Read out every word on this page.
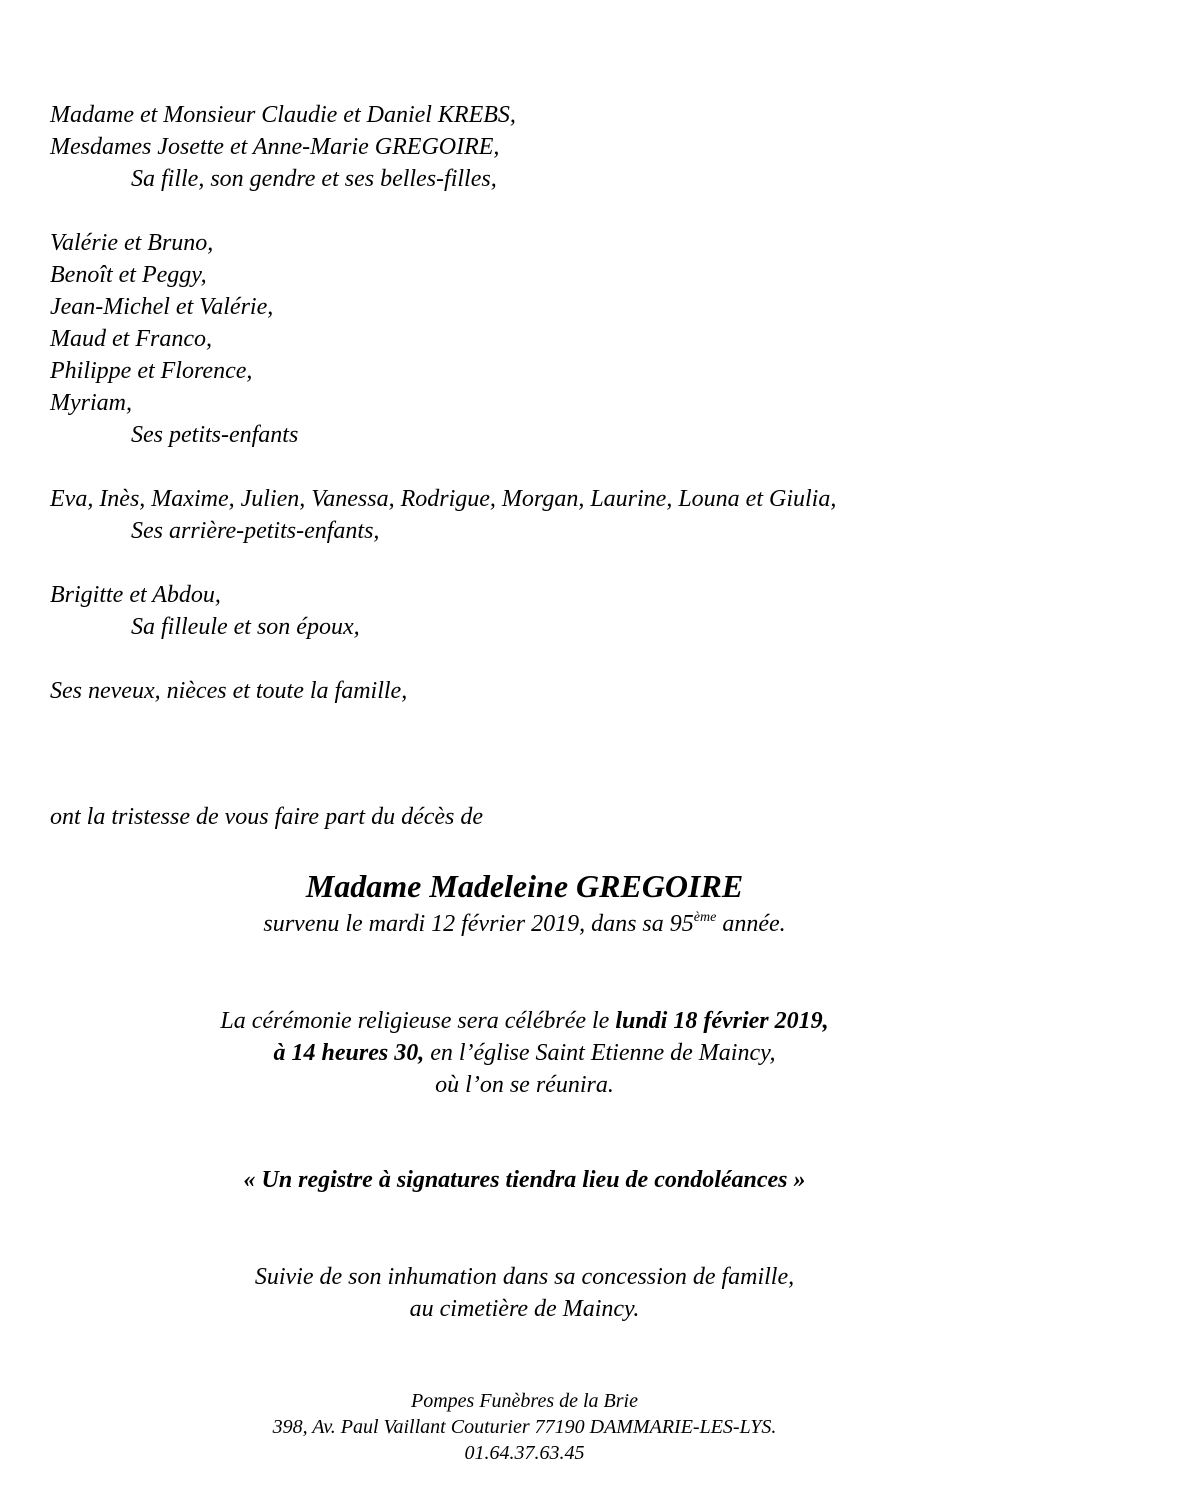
Madame et Monsieur Claudie et Daniel KREBS,
Mesdames Josette et Anne-Marie GREGOIRE,
Sa fille, son gendre et ses belles-filles,
Valérie et Bruno,
Benoît et Peggy,
Jean-Michel et Valérie,
Maud et Franco,
Philippe et Florence,
Myriam,
Ses petits-enfants
Eva, Inès, Maxime, Julien, Vanessa, Rodrigue, Morgan, Laurine, Louna et Giulia,
Ses arrière-petits-enfants,
Brigitte et Abdou,
Sa filleule et son époux,
Ses neveux, nièces et toute la famille,
ont la tristesse de vous faire part du décès de
Madame Madeleine GREGOIRE
survenu le mardi 12 février 2019, dans sa 95ème année.
La cérémonie religieuse sera célébrée le lundi 18 février 2019,
à 14 heures 30, en l’église Saint Etienne de Maincy,
où l’on se réunira.
« Un registre à signatures tiendra lieu de condoléances »
Suivie de son inhumation dans sa concession de famille,
au cimetière de Maincy.
Pompes Funèbres de la Brie
398, Av. Paul Vaillant Couturier 77190 DAMMARIE-LES-LYS.
01.64.37.63.45
